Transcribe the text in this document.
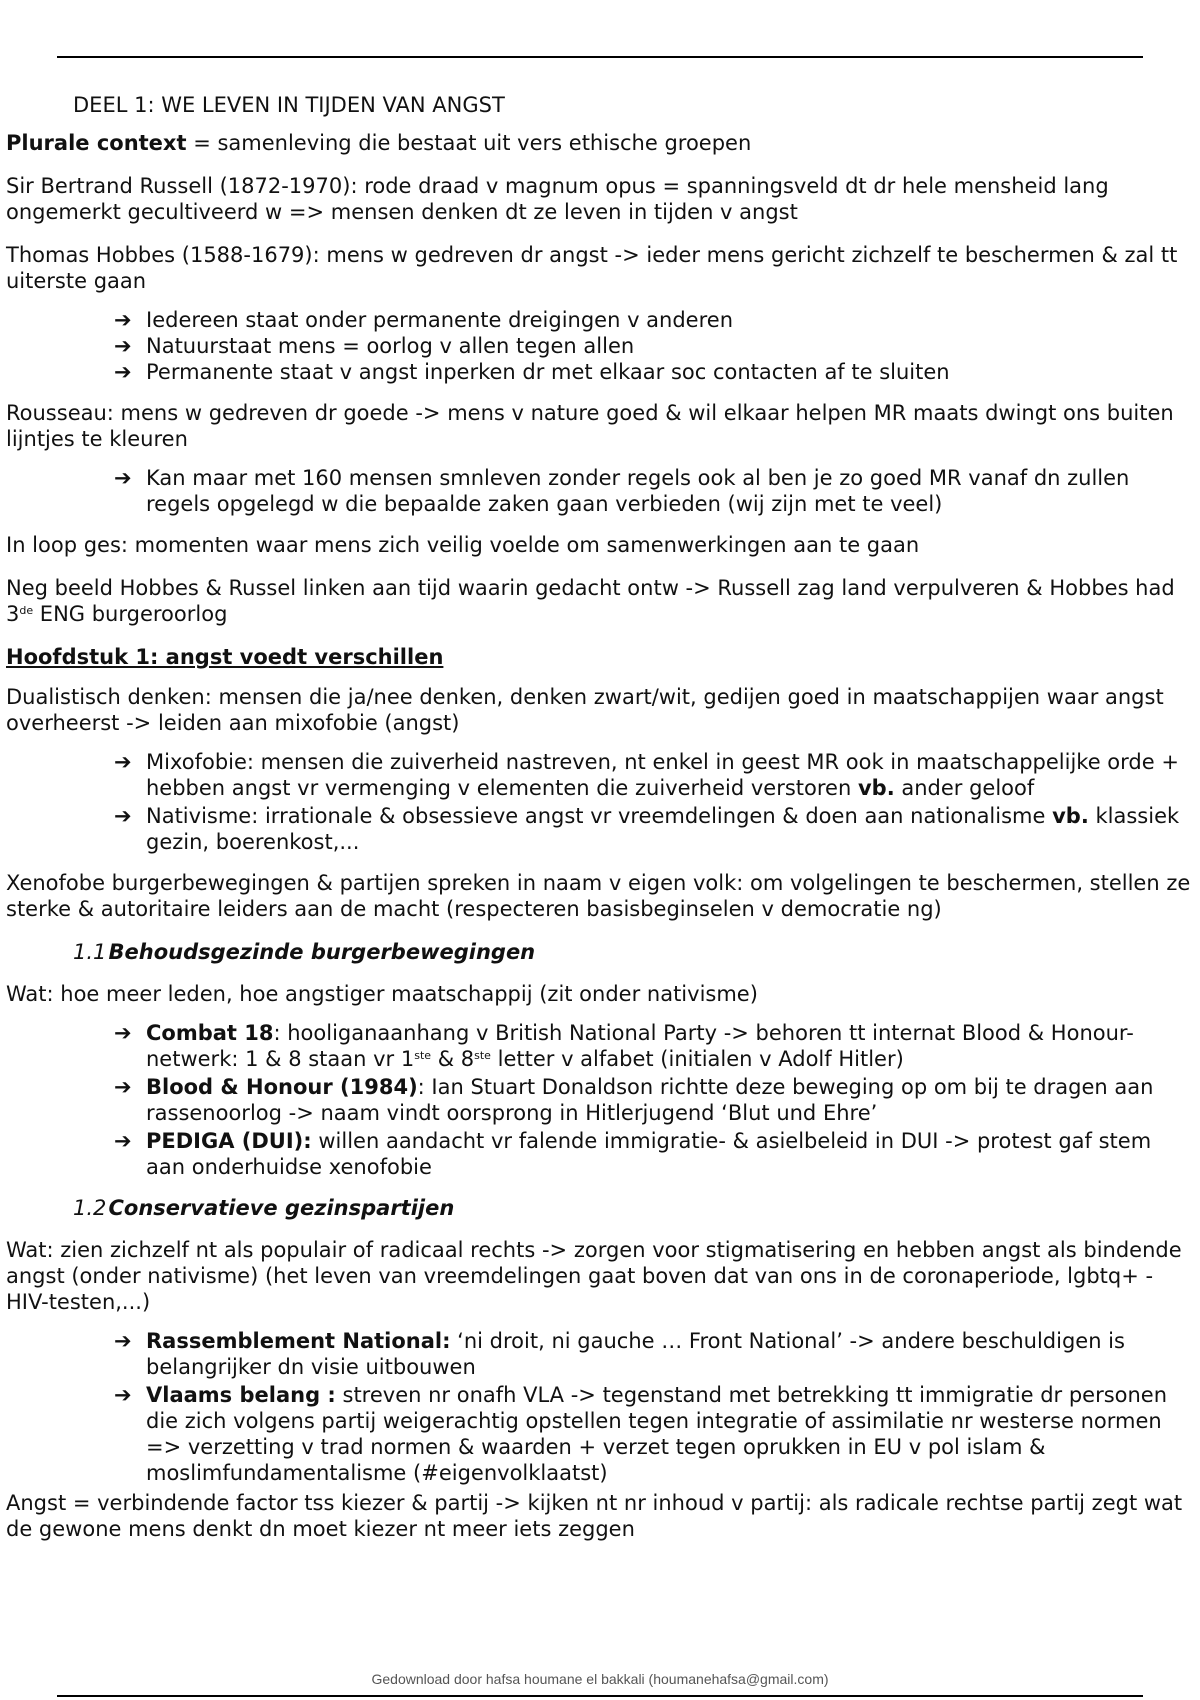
DEEL 1: WE LEVEN IN TIJDEN VAN ANGST

Plurale context = samenleving die bestaat uit vers ethische groepen

Sir Bertrand Russell (1872-1970): rode draad v magnum opus = spanningsveld dt dr hele mensheid lang ongemerkt gecultiveerd w => mensen denken dt ze leven in tijden v angst

Thomas Hobbes (1588-1679): mens w gedreven dr angst -> ieder mens gericht zichzelf te beschermen & zal tt uiterste gaan

➔ Iedereen staat onder permanente dreigingen v anderen
➔ Natuurstaat mens = oorlog v allen tegen allen
➔ Permanente staat v angst inperken dr met elkaar soc contacten af te sluiten

Rousseau: mens w gedreven dr goede -> mens v nature goed & wil elkaar helpen MR maats dwingt ons buiten lijntjes te kleuren

➔ Kan maar met 160 mensen smnleven zonder regels ook al ben je zo goed MR vanaf dn zullen regels opgelegd w die bepaalde zaken gaan verbieden (wij zijn met te veel)

In loop ges: momenten waar mens zich veilig voelde om samenwerkingen aan te gaan

Neg beeld Hobbes & Russel linken aan tijd waarin gedacht ontw -> Russell zag land verpulveren & Hobbes had 3de ENG burgeroorlog

Hoofdstuk 1: angst voedt verschillen

Dualistisch denken: mensen die ja/nee denken, denken zwart/wit, gedijen goed in maatschappijen waar angst overheerst -> leiden aan mixofobie (angst)

➔ Mixofobie: mensen die zuiverheid nastreven, nt enkel in geest MR ook in maatschappelijke orde + hebben angst vr vermenging v elementen die zuiverheid verstoren vb. ander geloof
➔ Nativisme: irrationale & obsessieve angst vr vreemdelingen & doen aan nationalisme vb. klassiek gezin, boerenkost,...

Xenofobe burgerbewegingen & partijen spreken in naam v eigen volk: om volgelingen te beschermen, stellen ze sterke & autoritaire leiders aan de macht (respecteren basisbeginselen v democratie ng)

1.1 Behoudsgezinde burgerbewegingen

Wat: hoe meer leden, hoe angstiger maatschappij (zit onder nativisme)

➔ Combat 18: hooliganaanhang v British National Party -> behoren tt internat Blood & Honour-netwerk: 1 & 8 staan vr 1ste & 8ste letter v alfabet (initialen v Adolf Hitler)
➔ Blood & Honour (1984): Ian Stuart Donaldson richtte deze beweging op om bij te dragen aan rassenoorlog -> naam vindt oorsprong in Hitlerjugend ‘Blut und Ehre’
➔ PEDIGA (DUI): willen aandacht vr falende immigratie- & asielbeleid in DUI -> protest gaf stem aan onderhuidse xenofobie

1.2 Conservatieve gezinspartijen

Wat: zien zichzelf nt als populair of radicaal rechts -> zorgen voor stigmatisering en hebben angst als bindende angst (onder nativisme) (het leven van vreemdelingen gaat boven dat van ons in de coronaperiode, lgbtq+ - HIV-testen,...)

➔ Rassemblement National: ‘ni droit, ni gauche … Front National’ -> andere beschuldigen is belangrijker dn visie uitbouwen
➔ Vlaams belang : streven nr onafh VLA -> tegenstand met betrekking tt immigratie dr personen die zich volgens partij weigerachtig opstellen tegen integratie of assimilatie nr westerse normen => verzetting v trad normen & waarden + verzet tegen oprukken in EU v pol islam & moslimfundamentalisme (#eigenvolklaatst)

Angst = verbindende factor tss kiezer & partij -> kijken nt nr inhoud v partij: als radicale rechtse partij zegt wat de gewone mens denkt dn moet kiezer nt meer iets zeggen

Gedownload door hafsa houmane el bakkali (houmanehafsa@gmail.com)
